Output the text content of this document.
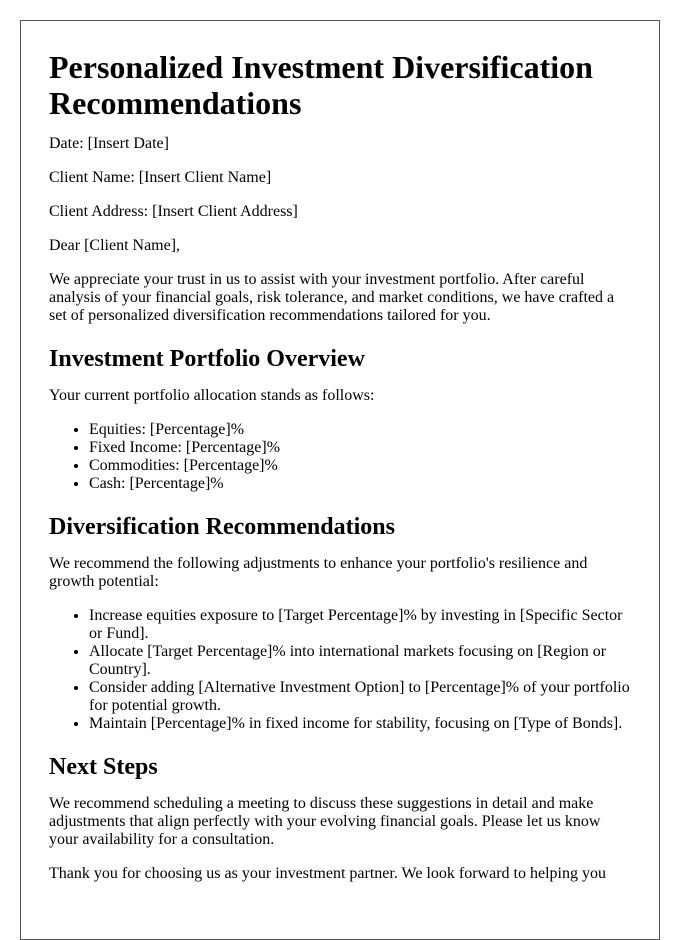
Personalized Investment Diversification Recommendations

Date: [Insert Date]

Client Name: [Insert Client Name]

Client Address: [Insert Client Address]

Dear [Client Name],

We appreciate your trust in us to assist with your investment portfolio. After careful analysis of your financial goals, risk tolerance, and market conditions, we have crafted a set of personalized diversification recommendations tailored for you.

Investment Portfolio Overview

Your current portfolio allocation stands as follows:

• Equities: [Percentage]%
• Fixed Income: [Percentage]%
• Commodities: [Percentage]%
• Cash: [Percentage]%
Diversification Recommendations

We recommend the following adjustments to enhance your portfolio's resilience and growth potential:

• Increase equities exposure to [Target Percentage]% by investing in [Specific Sector or Fund].
• Allocate [Target Percentage]% into international markets focusing on [Region or Country].
• Consider adding [Alternative Investment Option] to [Percentage]% of your portfolio for potential growth.
• Maintain [Percentage]% in fixed income for stability, focusing on [Type of Bonds].
Next Steps

We recommend scheduling a meeting to discuss these suggestions in detail and make adjustments that align perfectly with your evolving financial goals. Please let us know your availability for a consultation.

Thank you for choosing us as your investment partner. We look forward to helping you
